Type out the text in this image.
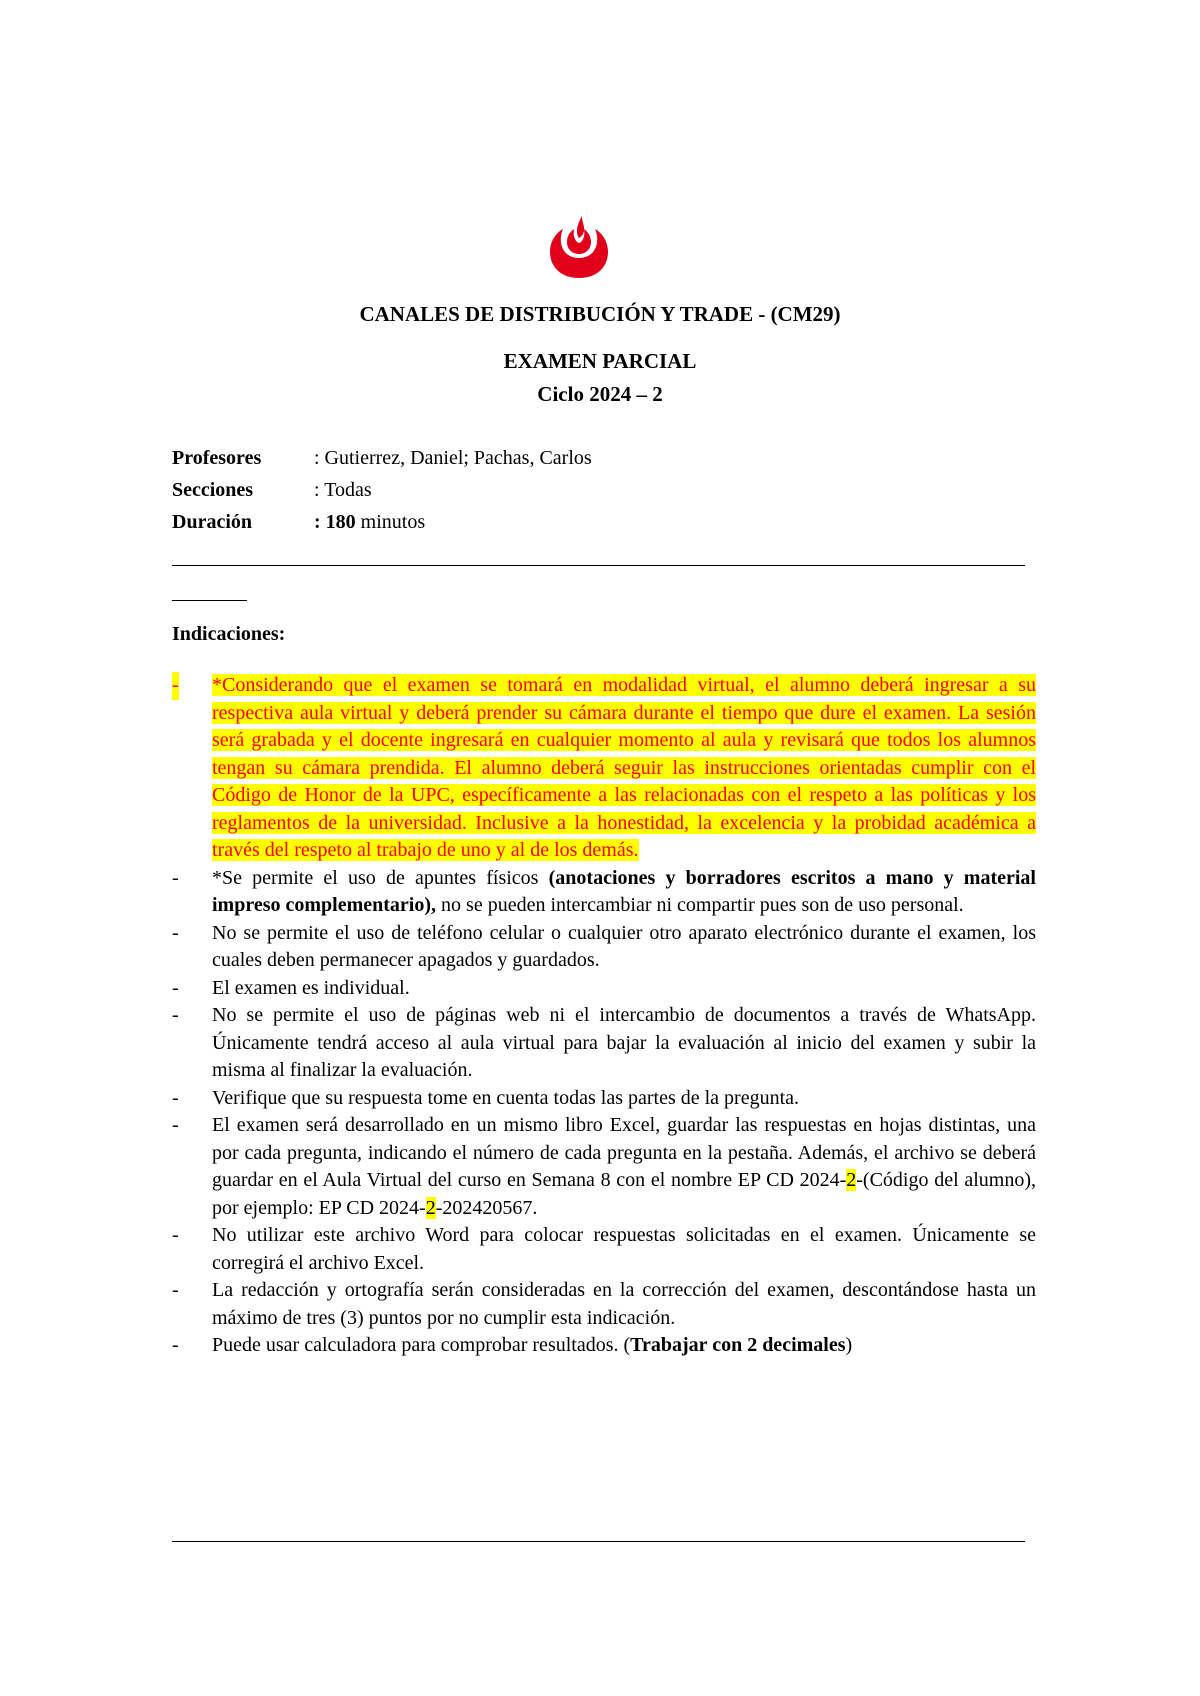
CANALES DE DISTRIBUCIÓN Y TRADE - (CM29)
EXAMEN PARCIAL
Ciclo 2024 – 2
Profesores	: Gutierrez, Daniel; Pachas, Carlos
Secciones	: Todas
Duración	: 180 minutos
Indicaciones:
-	*Considerando que el examen se tomará en modalidad virtual, el alumno deberá ingresar a su respectiva aula virtual y deberá prender su cámara durante el tiempo que dure el examen. La sesión será grabada y el docente ingresará en cualquier momento al aula y revisará que todos los alumnos tengan su cámara prendida. El alumno deberá seguir las instrucciones orientadas cumplir con el Código de Honor de la UPC, específicamente a las relacionadas con el respeto a las políticas y los reglamentos de la universidad. Inclusive a la honestidad, la excelencia y la probidad académica a través del respeto al trabajo de uno y al de los demás.
-	*Se permite el uso de apuntes físicos (anotaciones y borradores escritos a mano y material impreso complementario), no se pueden intercambiar ni compartir pues son de uso personal.
-	No se permite el uso de teléfono celular o cualquier otro aparato electrónico durante el examen, los cuales deben permanecer apagados y guardados.
-	El examen es individual.
-	No se permite el uso de páginas web ni el intercambio de documentos a través de WhatsApp. Únicamente tendrá acceso al aula virtual para bajar la evaluación al inicio del examen y subir la misma al finalizar la evaluación.
-	Verifique que su respuesta tome en cuenta todas las partes de la pregunta.
-	El examen será desarrollado en un mismo libro Excel, guardar las respuestas en hojas distintas, una por cada pregunta, indicando el número de cada pregunta en la pestaña. Además, el archivo se deberá guardar en el Aula Virtual del curso en Semana 8 con el nombre EP CD 2024-2-(Código del alumno), por ejemplo: EP CD 2024-2-202420567.
-	No utilizar este archivo Word para colocar respuestas solicitadas en el examen. Únicamente se corregirá el archivo Excel.
-	La redacción y ortografía serán consideradas en la corrección del examen, descontándose hasta un máximo de tres (3) puntos por no cumplir esta indicación.
-	Puede usar calculadora para comprobar resultados. (Trabajar con 2 decimales)
